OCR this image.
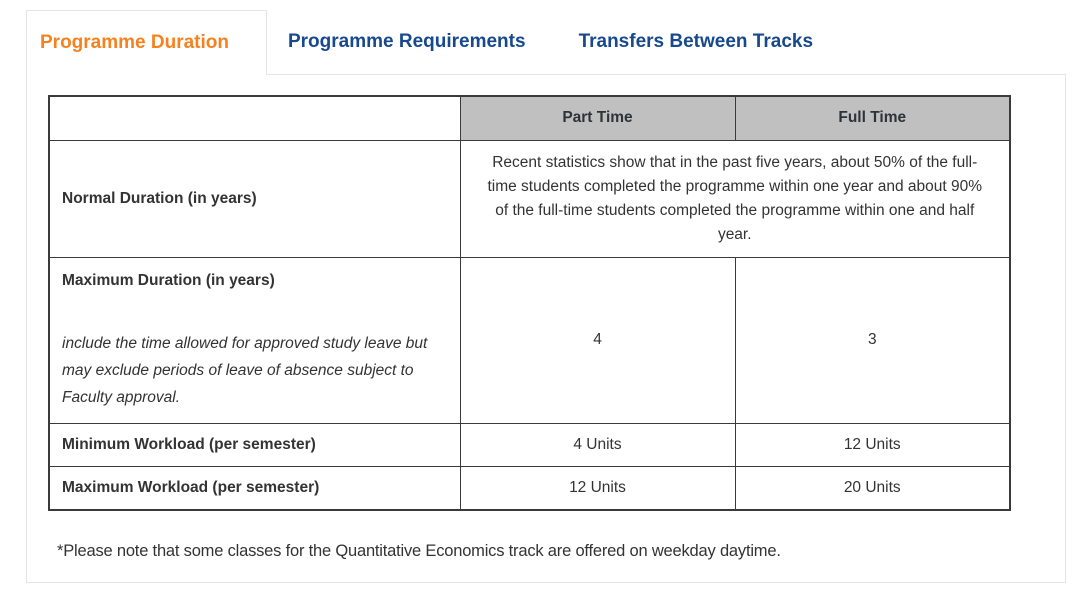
Programme Duration	Programme Requirements	Transfers Between Tracks
	Part Time	Full Time
Normal Duration (in years)	Recent statistics show that in the past five years, about 50% of the full-time students completed the programme within one year and about 90% of the full-time students completed the programme within one and half year.	

Maximum Duration (in years)
include the time allowed for approved study leave but may exclude periods of leave of absence subject to Faculty approval.	4	3
Minimum Workload (per semester)	4 Units	12 Units
Maximum Workload (per semester)	12 Units	20 Units

*Please note that some classes for the Quantitative Economics track are offered on weekday daytime.
